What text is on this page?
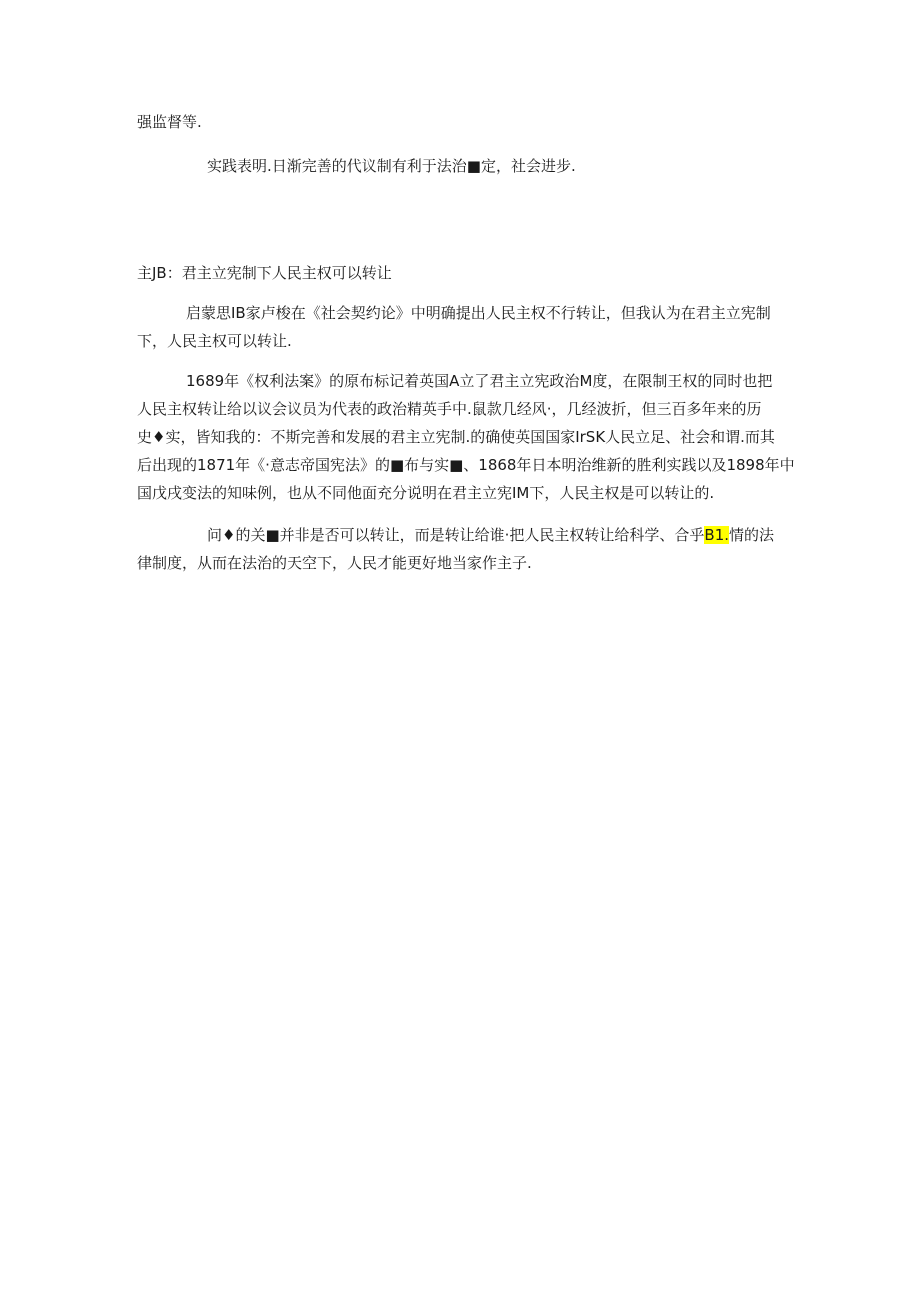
强监督等.
实践表明.日渐完善的代议制有利于法治■定，社会进步.
主JB：君主立宪制下人民主权可以转让
启蒙思IB家卢梭在《社会契约论》中明确提出人民主权不行转让，但我认为在君主立宪制
下，人民主权可以转让.
1689年《权利法案》的原布标记着英国A立了君主立宪政治M度，在限制王权的同时也把
人民主权转让给以议会议员为代表的政治精英手中.鼠款几经风·，几经波折，但三百多年来的历
史♦实，皆知我的：不斯完善和发展的君主立宪制.的确使英国国家IrSK人民立足、社会和谓.而其
后出现的1871年《·意志帝国宪法》的■布与实■、1868年日本明治维新的胜利实践以及1898年中
国戊戌变法的知味例，也从不同他面充分说明在君主立宪IM下，人民主权是可以转让的.
问♦的关■并非是否可以转让，而是转让给谁·把人民主权转让给科学、合乎B1.情的法
律制度，从而在法治的天空下，人民才能更好地当家作主子.
